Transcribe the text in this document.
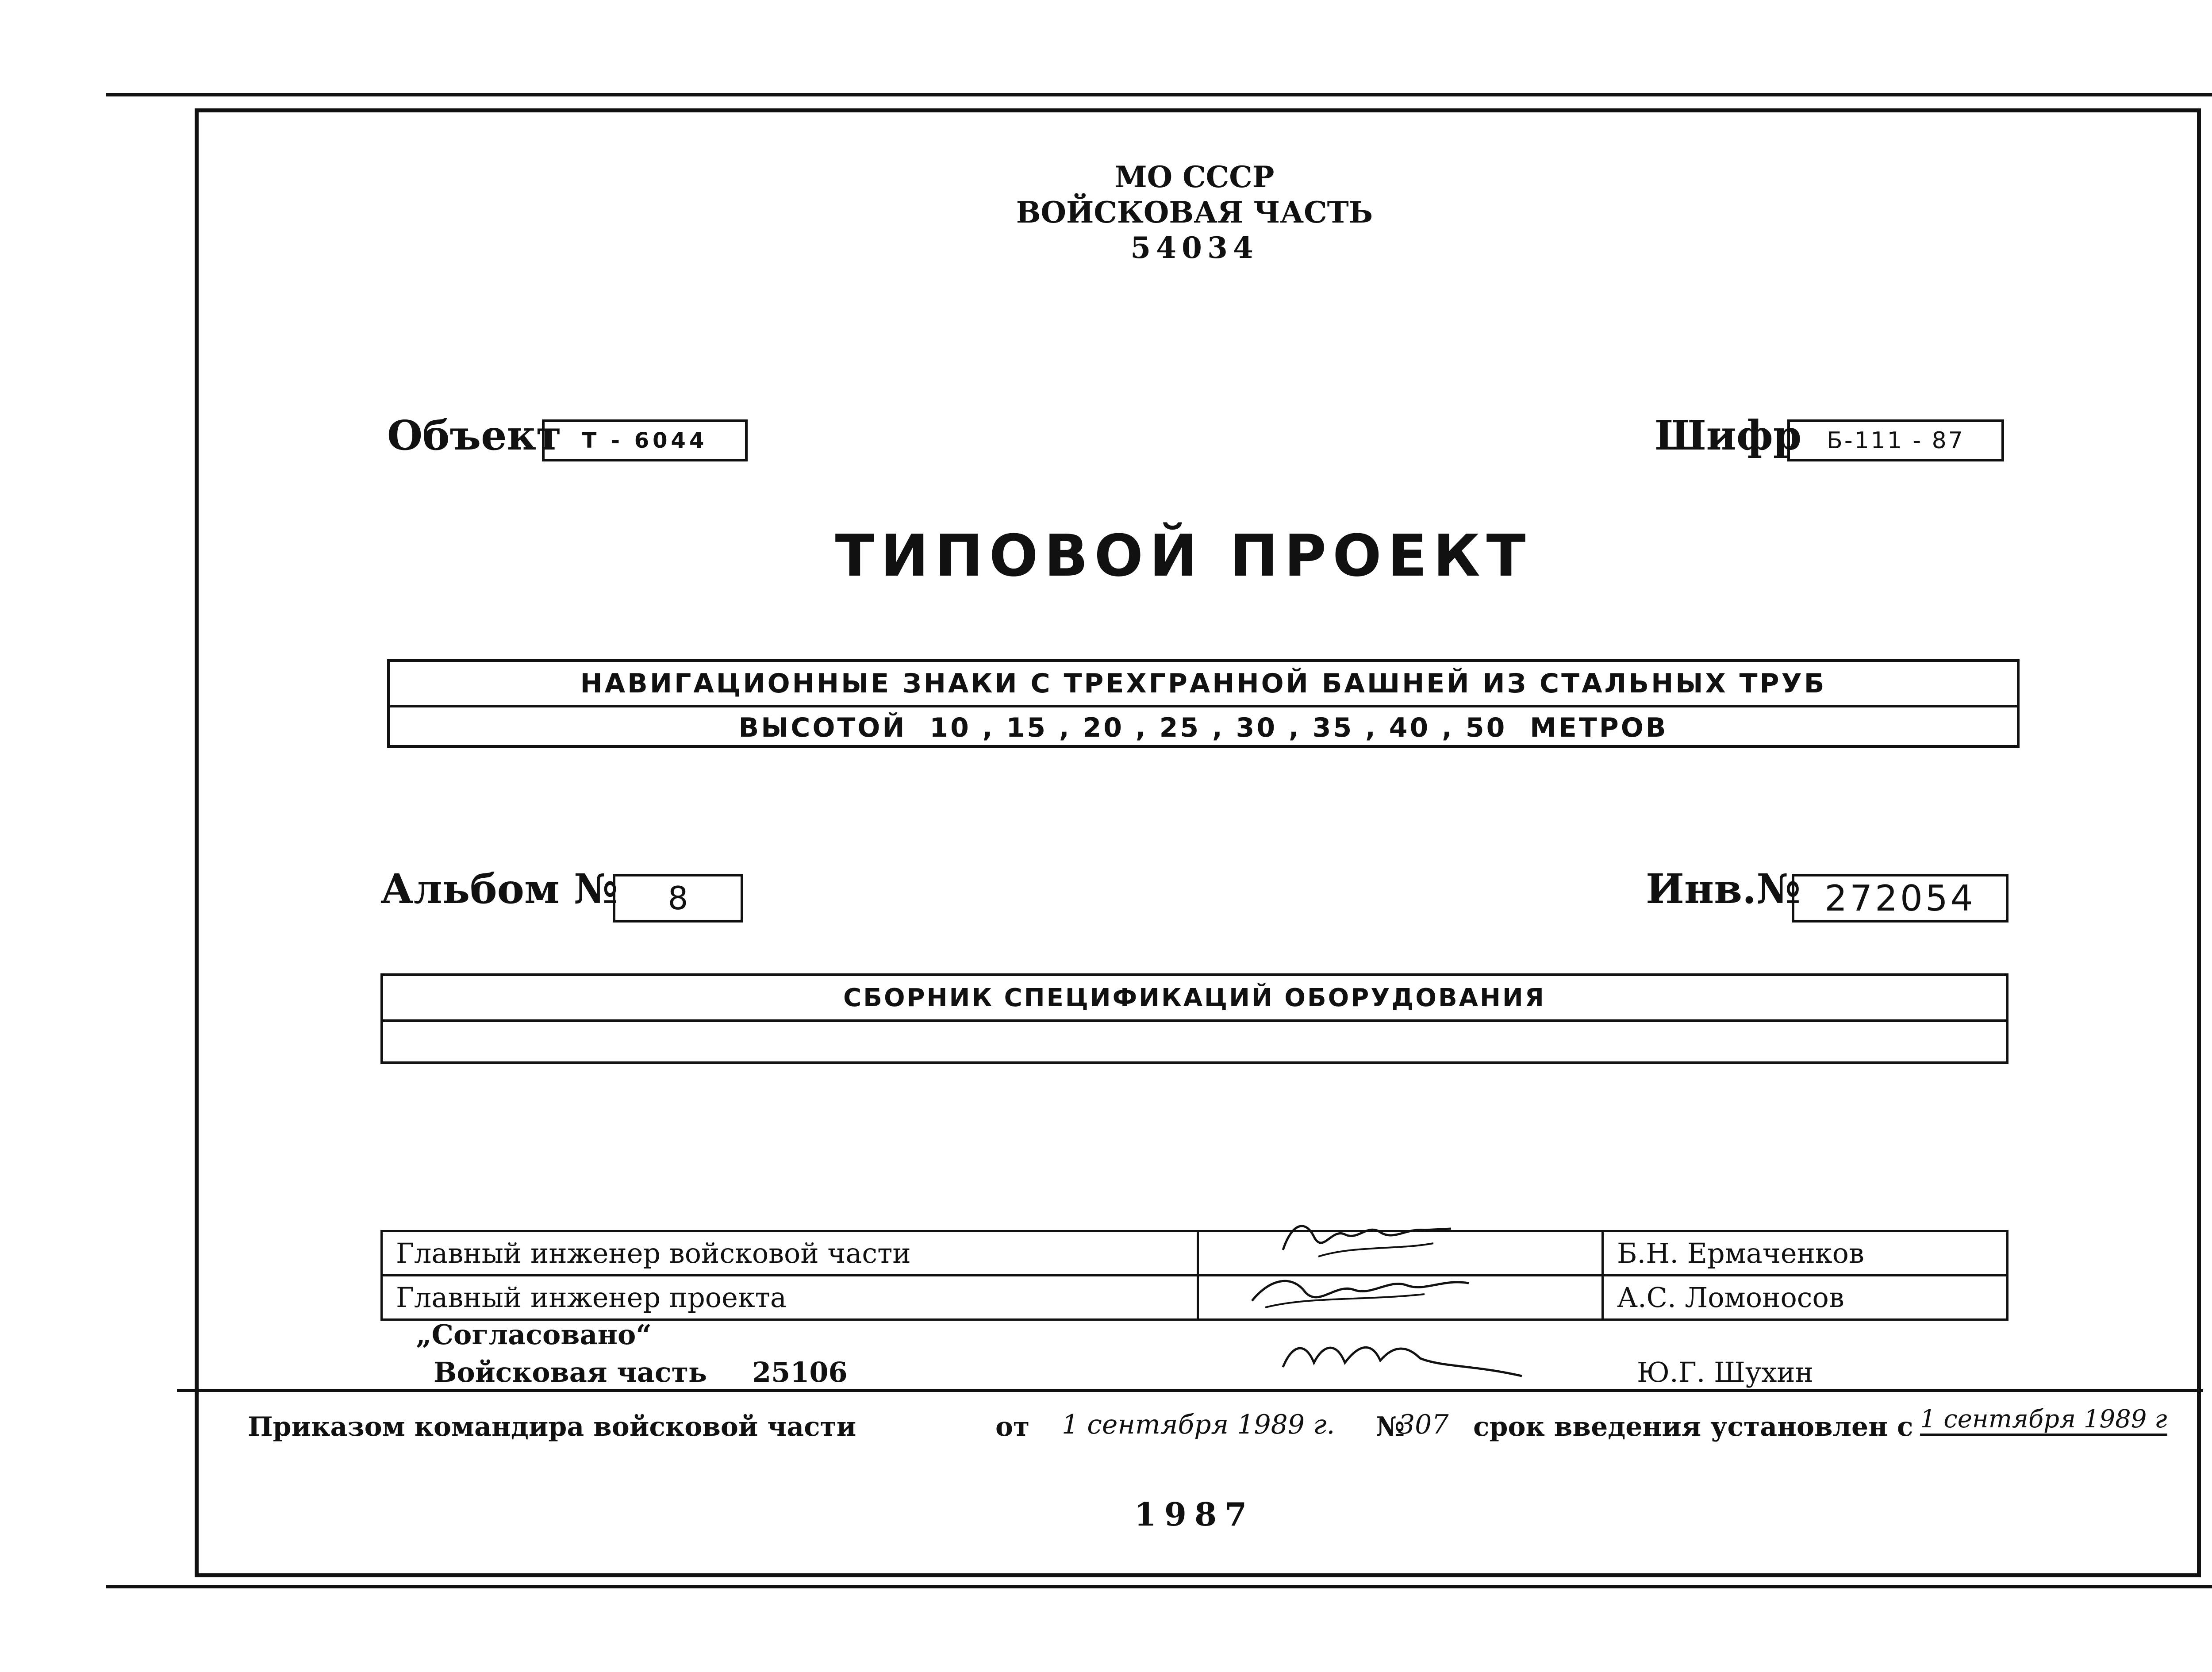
МО СССР
ВОЙСКОВАЯ ЧАСТЬ
54034
Объект Т - 6044	Шифр	Б-111 - 87
ТИПОВОЙ ПРОЕКТ
НАВИГАЦИОННЫЕ ЗНАКИ С ТРЕХГРАННОЙ БАШНЕЙ ИЗ СТАЛЬНЫХ ТРУБ
ВЫСОТОЙ  10 , 15 , 20 , 25 , 30 , 35 , 40 , 50  МЕТРОВ
Альбом №	8	Инв.№ 272054
СБОРНИК СПЕЦИФИКАЦИЙ ОБОРУДОВАНИЯ
Главный инженер войсковой части		Б.Н. Ермаченков
Главный инженер проекта		А.С. Ломоносов
„Согласовано“
Войсковая часть 25106	Ю.Г. Шухин
Приказом командира войсковой части	от 1 сентября 1989 г. №
307 срок введения установлен с 1 сентября 1989 г
1987
